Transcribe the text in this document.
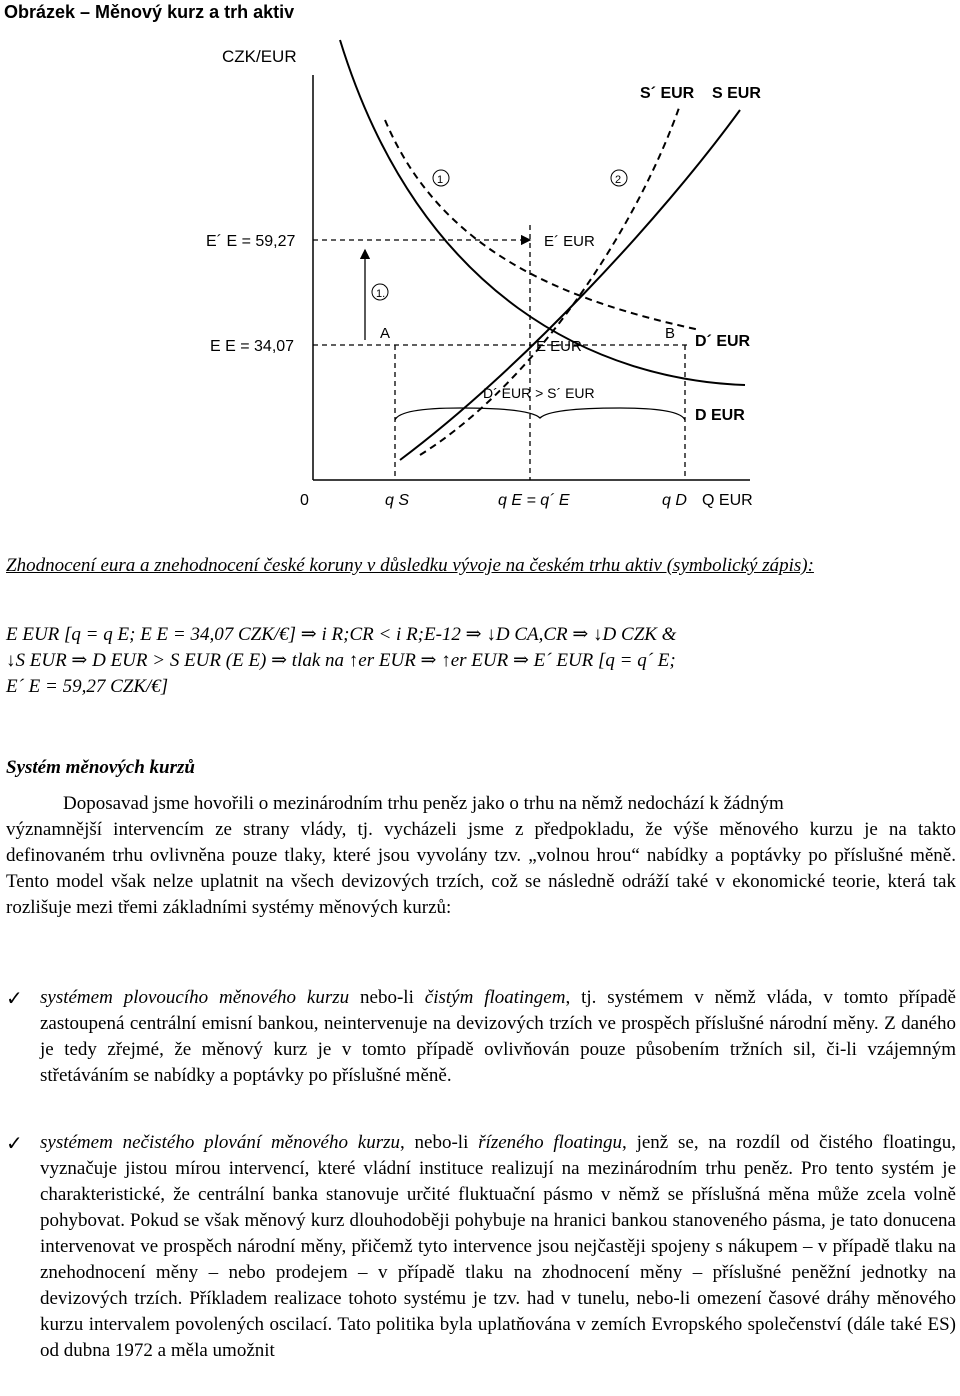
Obrázek – Měnový kurz a trh aktiv
CZK/EUR
Q EUR
0
S´ EUR S EUR
D´ EUR
D EUR
E´ E = 59,27
E E = 34,07
E´ EUR
E EUR
A	B
1	2
1.
D´ EUR > S´ EUR
q S	q E = q´ E	q D
Zhodnocení eura a znehodnocení české koruny v důsledku vývoje na českém trhu aktiv (symbolický zápis):
E EUR [q = q E; E E = 34,07 CZK/€] ⇒ i R;CR < i R;E-12 ⇒ ↓D CA,CR ⇒ ↓D CZK &
↓S EUR ⇒ D EUR > S EUR (E E) ⇒ tlak na ↑er EUR ⇒ ↑er EUR ⇒ E´ EUR [q = q´ E;
E´ E = 59,27 CZK/€]
Systém měnových kurzů
Doposavad jsme hovořili o mezinárodním trhu peněz jako o trhu na němž nedochází k žádným
významnější intervencím ze strany vlády, tj. vycházeli jsme z předpokladu, že výše měnového kurzu je na takto definovaném trhu ovlivněna pouze tlaky, které jsou vyvolány tzv. „volnou hrou“ nabídky a poptávky po příslušné měně. Tento model však nelze uplatnit na všech devizových trzích, což se následně odráží také v ekonomické teorie, která tak rozlišuje mezi třemi základními systémy měnových kurzů:
✓ systémem plovoucího měnového kurzu nebo-li čistým floatingem, tj. systémem v němž vláda, v tomto případě zastoupená centrální emisní bankou, neintervenuje na devizových trzích ve prospěch příslušné národní měny. Z daného je tedy zřejmé, že měnový kurz je v tomto případě ovlivňován pouze působením tržních sil, či-li vzájemným střetáváním se nabídky a poptávky po příslušné měně.
✓ systémem nečistého plování měnového kurzu, nebo-li řízeného floatingu, jenž se, na rozdíl od čistého floatingu, vyznačuje jistou mírou intervencí, které vládní instituce realizují na mezinárodním trhu peněz. Pro tento systém je charakteristické, že centrální banka stanovuje určité fluktuační pásmo v němž se příslušná měna může zcela volně pohybovat. Pokud se však měnový kurz dlouhodoběji pohybuje na hranici bankou stanoveného pásma, je tato donucena intervenovat ve prospěch národní měny, přičemž tyto intervence jsou nejčastěji spojeny s nákupem – v případě tlaku na znehodnocení měny – nebo prodejem – v případě tlaku na zhodnocení měny – příslušné peněžní jednotky na devizových trzích. Příkladem realizace tohoto systému je tzv. had v tunelu, nebo-li omezení časové dráhy měnového kurzu intervalem povolených oscilací. Tato politika byla uplatňována v zemích Evropského společenství (dále také ES) od dubna 1972 a měla umožnit
